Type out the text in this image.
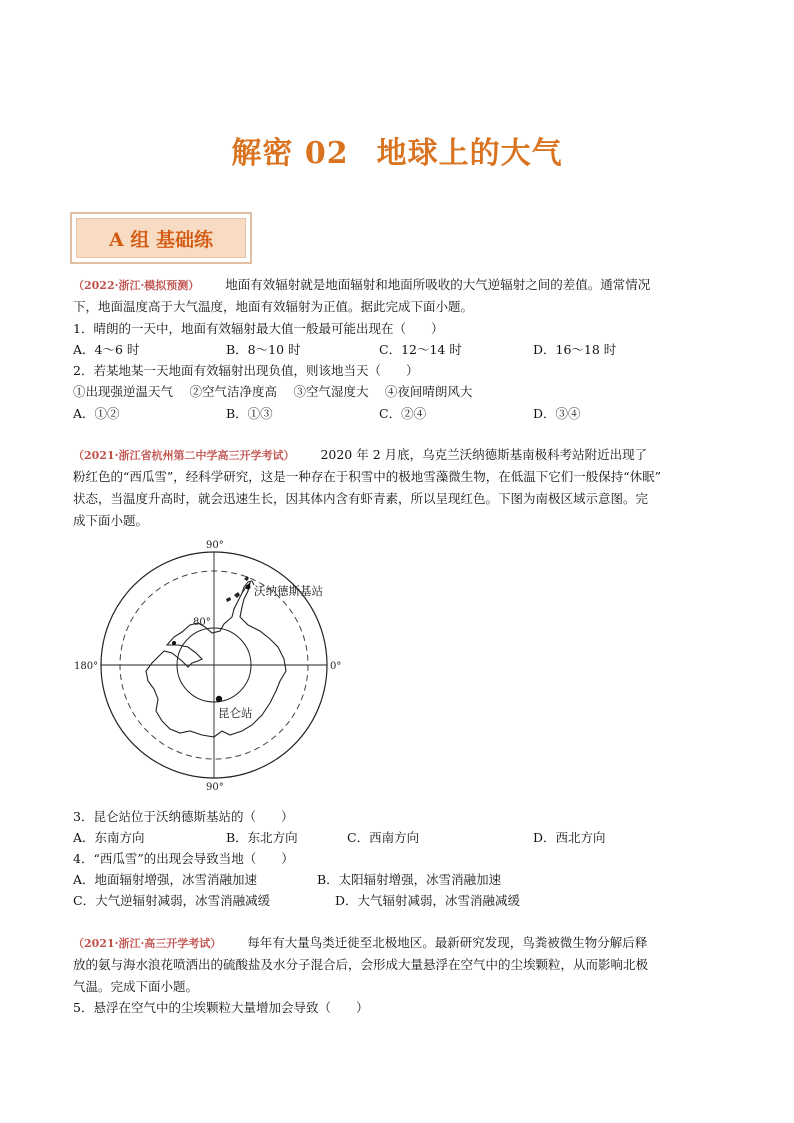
解密 02 地球上的大气
A 组 基础练
（2022·浙江·模拟预测） 地面有效辐射就是地面辐射和地面所吸收的大气逆辐射之间的差值。通常情况
下，地面温度高于大气温度，地面有效辐射为正值。据此完成下面小题。
1．晴朗的一天中，地面有效辐射最大值一般最可能出现在（　　）
A．4～6 时	B．8～10 时	C．12～14 时	D．16～18 时
2．若某地某一天地面有效辐射出现负值，则该地当天（　　）
①出现强逆温天气　 ②空气洁净度高　 ③空气湿度大　 ④夜间晴朗风大
A．①②	B．①③	C．②④	D．③④
（2021·浙江省杭州第二中学高三开学考试） 2020 年 2 月底，乌克兰沃纳德斯基南极科考站附近出现了
粉红色的“西瓜雪”，经科学研究，这是一种存在于积雪中的极地雪藻微生物，在低温下它们一般保持“休眠”
状态，当温度升高时，就会迅速生长，因其体内含有虾青素，所以呈现红色。下图为南极区域示意图。完
成下面小题。
90°
90°
180°	0°
80°
沃纳德斯基站
昆仑站
3．昆仑站位于沃纳德斯基站的（　　）
A．东南方向	B．东北方向	C．西南方向	D．西北方向
4．“西瓜雪”的出现会导致当地（　　）
A．地面辐射增强，冰雪消融加速	B．太阳辐射增强，冰雪消融加速
C．大气逆辐射减弱，冰雪消融减缓	D．大气辐射减弱，冰雪消融减缓
（2021·浙江·高三开学考试） 每年有大量鸟类迁徙至北极地区。最新研究发现，鸟粪被微生物分解后释
放的氨与海水浪花喷洒出的硫酸盐及水分子混合后，会形成大量悬浮在空气中的尘埃颗粒，从而影响北极
气温。完成下面小题。
5．悬浮在空气中的尘埃颗粒大量增加会导致（　　）
